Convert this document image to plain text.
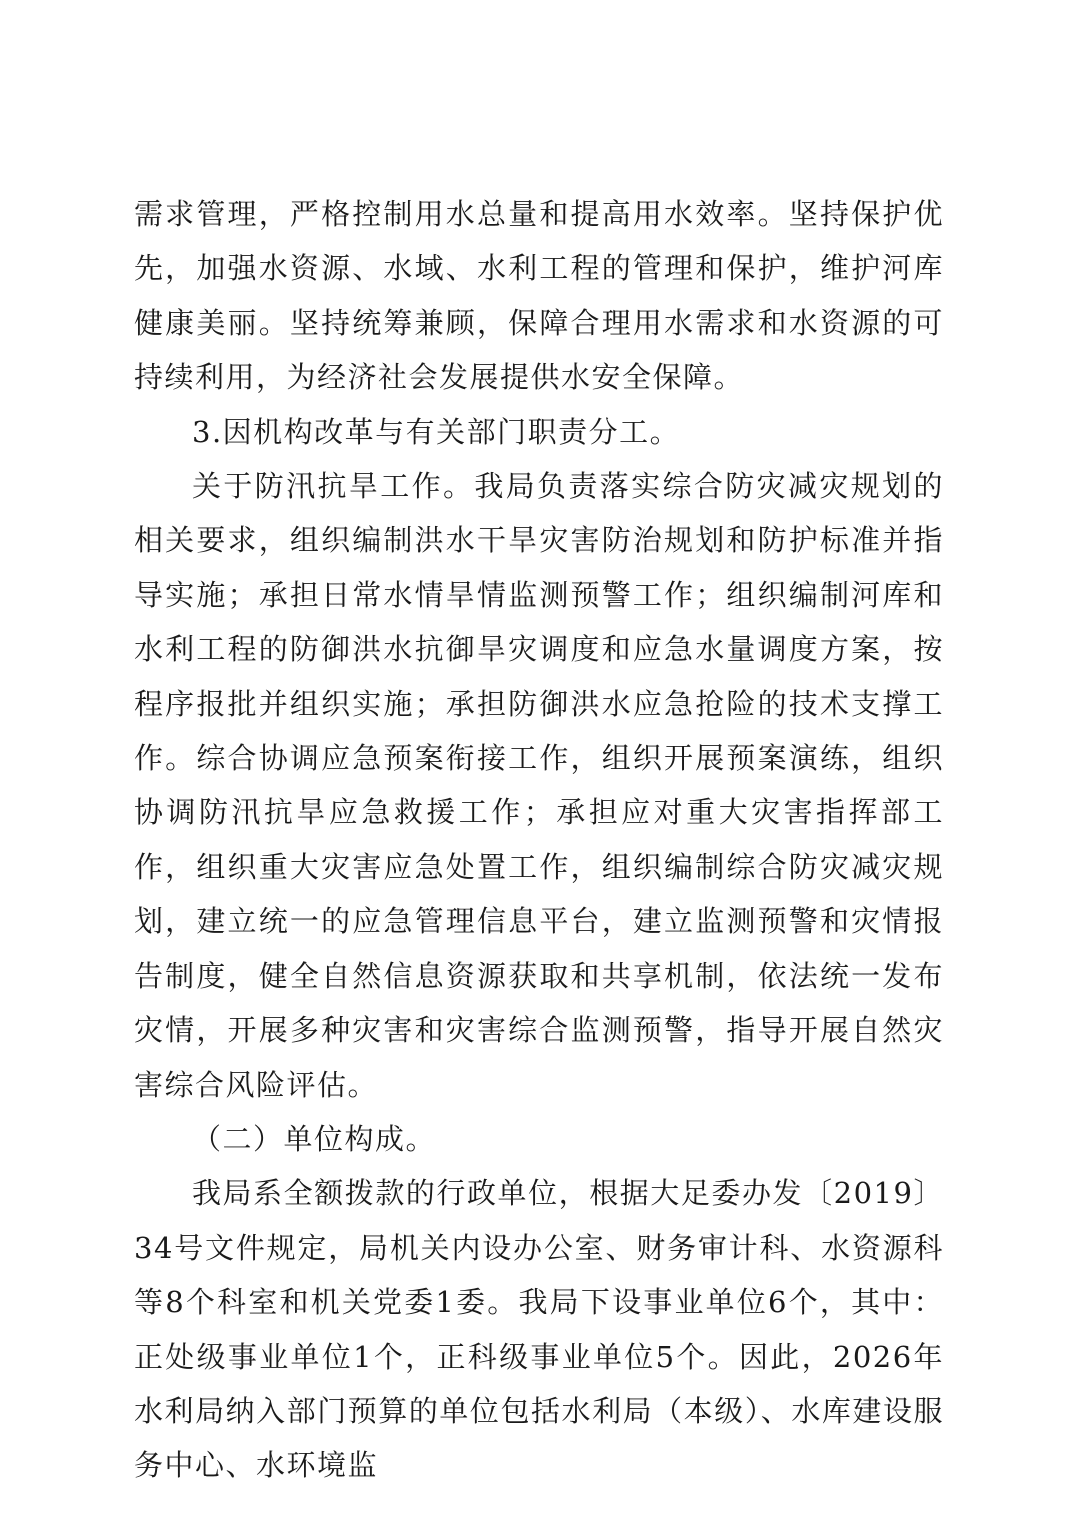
需求管理，严格控制用水总量和提高用水效率。坚持保护优先，加强水资源、水域、水利工程的管理和保护，维护河库健康美丽。坚持统筹兼顾，保障合理用水需求和水资源的可持续利用，为经济社会发展提供水安全保障。

3.因机构改革与有关部门职责分工。

关于防汛抗旱工作。我局负责落实综合防灾减灾规划的相关要求，组织编制洪水干旱灾害防治规划和防护标准并指导实施；承担日常水情旱情监测预警工作；组织编制河库和水利工程的防御洪水抗御旱灾调度和应急水量调度方案，按程序报批并组织实施；承担防御洪水应急抢险的技术支撑工作。综合协调应急预案衔接工作，组织开展预案演练，组织协调防汛抗旱应急救援工作；承担应对重大灾害指挥部工作，组织重大灾害应急处置工作，组织编制综合防灾减灾规划，建立统一的应急管理信息平台，建立监测预警和灾情报告制度，健全自然信息资源获取和共享机制，依法统一发布灾情，开展多种灾害和灾害综合监测预警，指导开展自然灾害综合风险评估。

（二）单位构成。

我局系全额拨款的行政单位，根据大足委办发〔2019〕34号文件规定，局机关内设办公室、财务审计科、水资源科等8个科室和机关党委1委。我局下设事业单位6个，其中：正处级事业单位1个，正科级事业单位5个。因此，2026年水利局纳入部门预算的单位包括水利局（本级）、水库建设服务中心、水环境监
